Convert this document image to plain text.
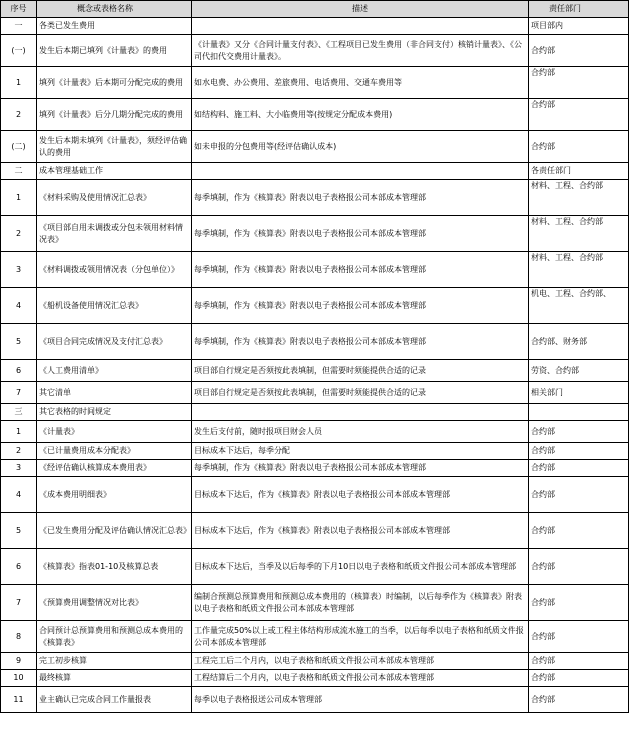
序号	概念或表格名称	描述	责任部门
一	各类已发生费用		项目部内
(一)	发生后本期已填列《计量表》的费用	《计量表》又分《合同计量支付表》、《工程项目已发生费用（非合同支付）核销计量表》、《公司代扣代交费用计量表》。	合约部
1	填列《计量表》后本期可分配完成的费用	如水电费、办公费用、差旅费用、电话费用、交通车费用等	合约部
2	填列《计量表》后分几期分配完成的费用	如结构料、施工料、大小临费用等(按规定分配成本费用)	合约部
(二)	发生后本期未填列《计量表》，须经评估确认的费用	如未申报的分包费用等(经评估确认成本)	合约部
二	成本管理基础工作		各责任部门
1	《材料采购及使用情况汇总表》	每季填制，作为《核算表》附表以电子表格报公司本部成本管理部	材料、工程、合约部
2	《项目部自用未调拨或分包未领用材料情况表》	每季填制，作为《核算表》附表以电子表格报公司本部成本管理部	材料、工程、合约部
3	《材料调拨或领用情况表（分包单位）》	每季填制，作为《核算表》附表以电子表格报公司本部成本管理部	材料、工程、合约部
4	《船机设备使用情况汇总表》	每季填制，作为《核算表》附表以电子表格报公司本部成本管理部	机电、工程、合约部、
5	《项目合同完成情况及支付汇总表》	每季填制，作为《核算表》附表以电子表格报公司本部成本管理部	合约部、财务部
6	《人工费用清单》	项目部自行规定是否须按此表填制，但需要时须能提供合适的记录	劳资、合约部
7	其它清单	项目部自行规定是否须按此表填制，但需要时须能提供合适的记录	相关部门
三	其它表格的时间规定		
1	《计量表》	发生后支付前，随时报项目财会人员	合约部
2	《已计量费用成本分配表》	目标成本下达后，每季分配	合约部
3	《经评估确认核算成本费用表》	每季填制，作为《核算表》附表以电子表格报公司本部成本管理部	合约部
4	《成本费用明细表》	目标成本下达后，作为《核算表》附表以电子表格报公司本部成本管理部	合约部
5	《已发生费用分配及评估确认情况汇总表》	目标成本下达后，作为《核算表》附表以电子表格报公司本部成本管理部	合约部
6	《核算表》指表01-10及核算总表	目标成本下达后，当季及以后每季的下月10日以电子表格和纸质文件报公司本部成本管理部	合约部
7	《预算费用调整情况对比表》	编制合预测总预算费用和预测总成本费用的（核算表）时编制，以后每季作为《核算表》附表以电子表格和纸质文件报公司本部成本管理部	合约部
8	合同预计总预算费用和预测总成本费用的《核算表》	工作量完成50%以上或工程主体结构形成流水施工的当季，以后每季以电子表格和纸质文件报公司本部成本管理部	合约部
9	完工初步核算	工程完工后二个月内，以电子表格和纸质文件报公司本部成本管理部	合约部
10	最终核算	工程结算后二个月内，以电子表格和纸质文件报公司本部成本管理部	合约部
11	业主确认已完成合同工作量报表	每季以电子表格报送公司成本管理部	合约部
